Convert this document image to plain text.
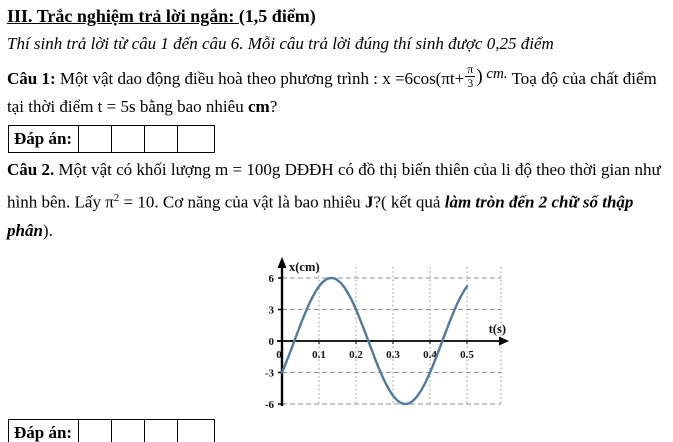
III. Trắc nghiệm trả lời ngắn: (1,5 điểm)
Thí sinh trả lời từ câu 1 đến câu 6. Mỗi câu trả lời đúng thí sinh được 0,25 điểm

Câu 1: Một vật dao động điều hoà theo phương trình : $x =6\cos(\pi t+ \frac{\pi}{3}$ ) cm. Toạ độ của chất điểm tại thời điểm t = 5s bằng bao nhiêu cm?

Đáp án:				

Câu 2. Một vật có khối lượng m = 100g DĐĐH có đồ thị biến thiên của li độ theo thời gian như hình bên. Lấy $\pi^2 = 10$. Cơ năng của vật là bao nhiêu J?( kết quả làm tròn đến 2 chữ số thập phân).

6
3
0
-3
-6
0.1 0.2 0.3 0.4 0.5
0
x(cm)
t(s)
Đáp án:				
